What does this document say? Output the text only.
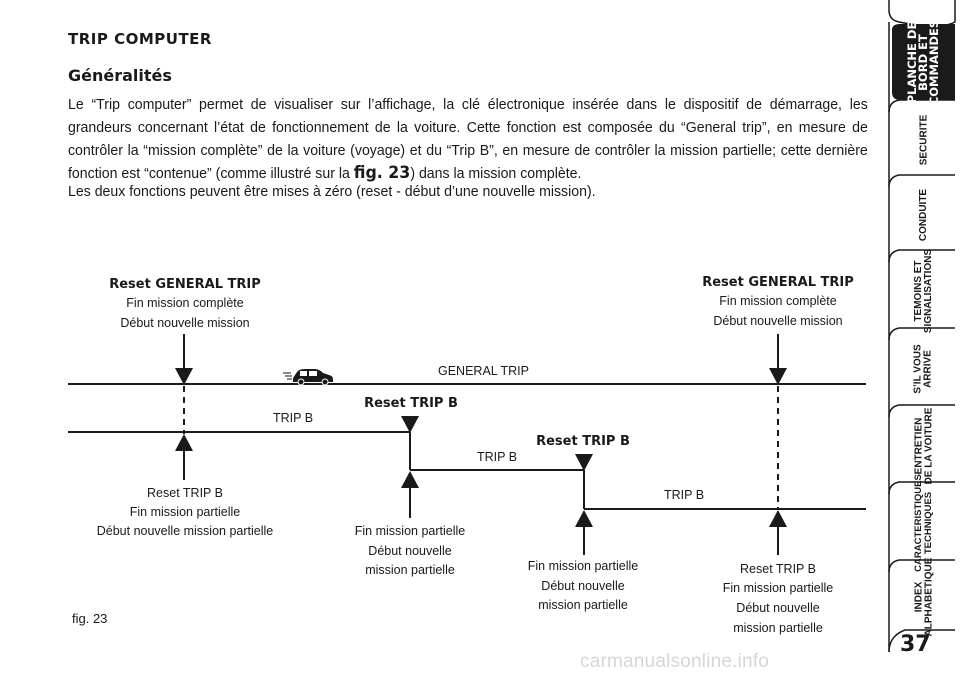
TRIP COMPUTER
Généralités

Le “Trip computer” permet de visualiser sur l’affichage, la clé électronique insérée dans le dispositif de démarrage, les grandeurs concernant l’état de fonctionnement de la voiture. Cette fonction est composée du “General trip”, en mesure de contrôler la “mission complète” de la voiture (voyage) et du “Trip B”, en mesure de contrôler la mission partielle; cette dernière fonction est “contenue” (comme illustré sur la fig. 23) dans la mission complète.

Les deux fonctions peuvent être mises à zéro (reset - début d’une nouvelle mission).

GENERAL TRIP
TRIP B
TRIP B
TRIP B
Reset GENERAL TRIP
Fin mission complète
Début nouvelle mission
Reset GENERAL TRIP
Fin mission complète
Début nouvelle mission
Reset TRIP B
Reset TRIP B
Reset TRIP B
Fin mission partielle
Début nouvelle mission partielle	Fin mission partielle
Début nouvelle
mission partielle	Fin mission partielle
Début nouvelle
mission partielle
Reset TRIP B
Fin mission partielle
Début nouvelle
mission partielle
fig. 23
PLANCHE DE
BORD ET
COMMANDES
SECURITE
CONDUITE
TEMOINS ET
SIGNALISATIONS
S’IL VOUS
ARRIVE
ENTRETIEN
DE LA VOITURE
CARACTERISTIQUES
TECHNIQUES
INDEX
ALPHABETIQUE
37
carmanualsonline.info
